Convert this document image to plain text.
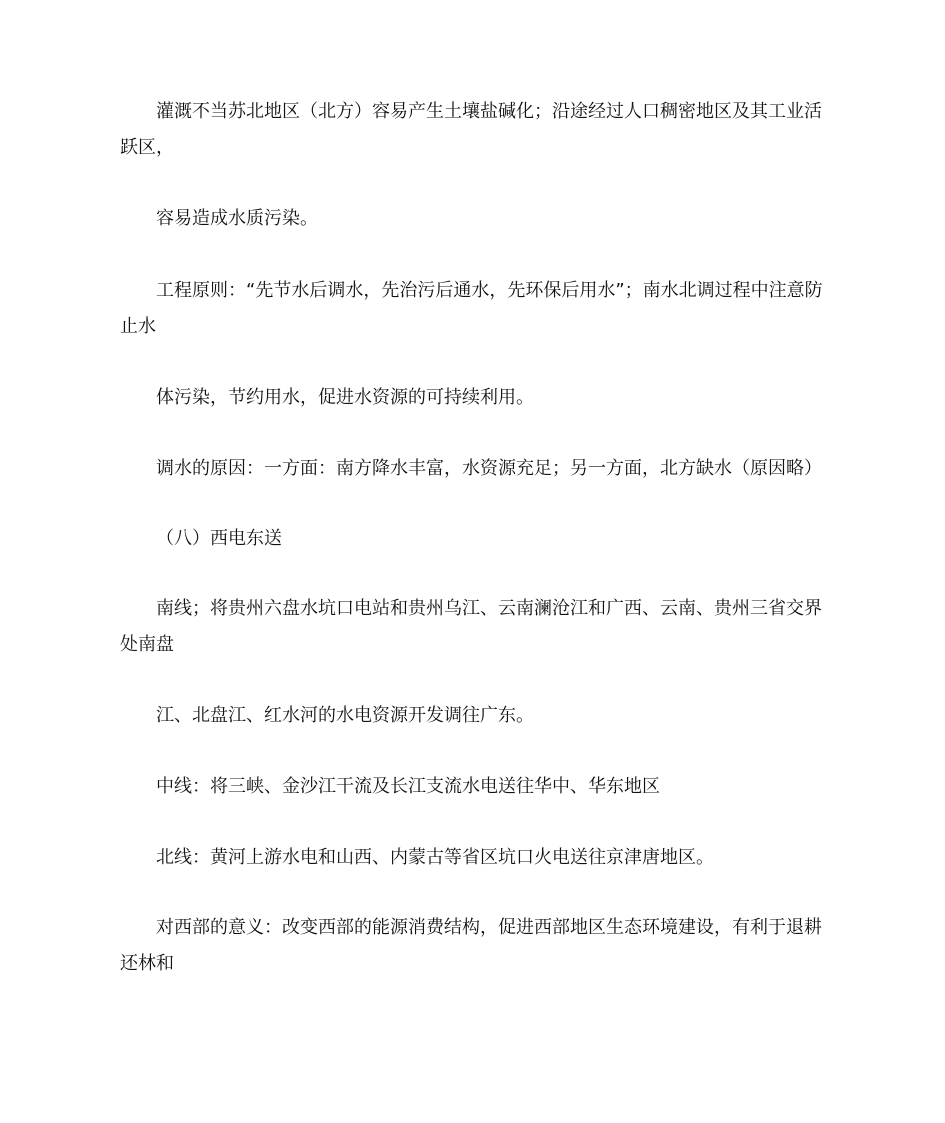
灌溉不当苏北地区（北方）容易产生土壤盐碱化；沿途经过人口稠密地区及其工业活跃区，

容易造成水质污染。

工程原则：“先节水后调水，先治污后通水，先环保后用水”；南水北调过程中注意防止水

体污染，节约用水，促进水资源的可持续利用。

调水的原因：一方面：南方降水丰富，水资源充足；另一方面，北方缺水（原因略）

（八）西电东送

南线；将贵州六盘水坑口电站和贵州乌江、云南澜沧江和广西、云南、贵州三省交界处南盘

江、北盘江、红水河的水电资源开发调往广东。

中线：将三峡、金沙江干流及长江支流水电送往华中、华东地区

北线：黄河上游水电和山西、内蒙古等省区坑口火电送往京津唐地区。

对西部的意义：改变西部的能源消费结构，促进西部地区生态环境建设，有利于退耕还林和
